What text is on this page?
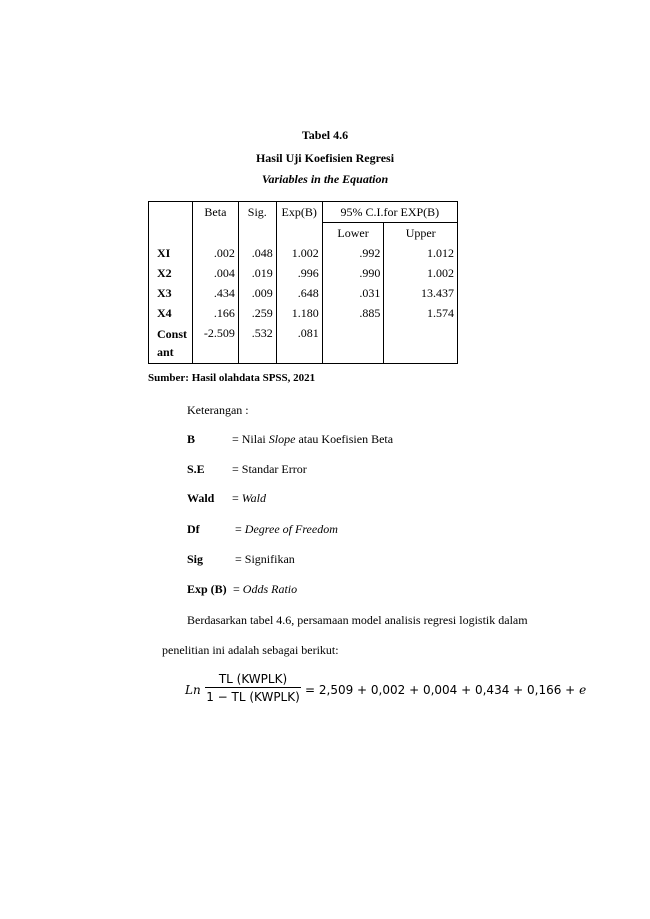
Tabel 4.6
Hasil Uji Koefisien Regresi
Variables in the Equation
	Beta	Sig.	Exp(B)	95% C.I.for EXP(B)	
				Lower	Upper
XI	.002	.048	1.002	.992	1.012
X2	.004	.019	.996	.990	1.002
X3	.434	.009	.648	.031	13.437
X4	.166	.259	1.180	.885	1.574
Const
ant	-2.509	.532	.081		
Sumber: Hasil olahdata SPSS, 2021
Keterangan :
B	= Nilai Slope atau Koefisien Beta
S.E = Standar Error
Wald = Wald
Df	= Degree of Freedom
Sig	= Signifikan
Exp (B) = Odds Ratio
Berdasarkan tabel 4.6, persamaan model analisis regresi logistik dalam
penelitian ini adalah sebagai berikut:
Ln
TL (KWPLK)
1 − TL (KWPLK) = 2,509 + 0,002 + 0,004 + 0,434 + 0,166 + e
